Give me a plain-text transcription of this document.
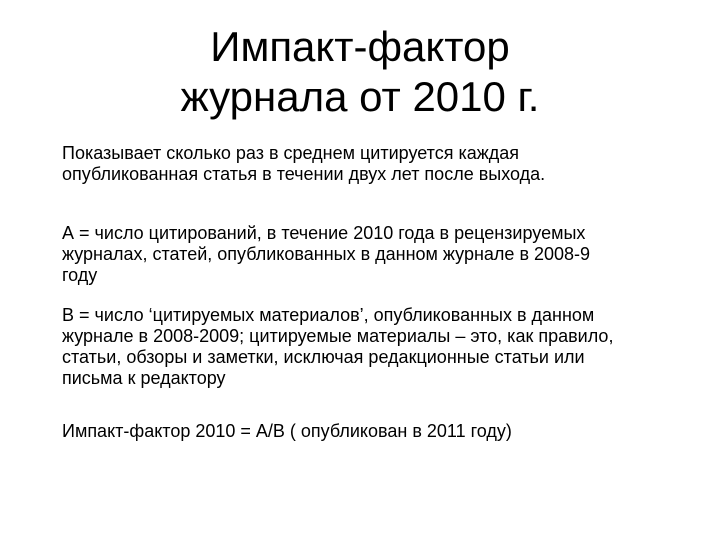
Импакт-фактор
журнала от 2010 г.
Показывает сколько раз в среднем цитируется каждая
опубликованная статья в течении двух лет после выхода.
А = число цитирований, в течение 2010 года в рецензируемых
журналах, статей, опубликованных в данном журнале в 2008-9
году
В = число ‘цитируемых материалов’, опубликованных в данном
журнале в 2008-2009; цитируемые материалы – это, как правило,
статьи, обзоры и заметки, исключая редакционные статьи или
письма к редактору
Импакт-фактор 2010 = А/В ( опубликован в 2011 году)
